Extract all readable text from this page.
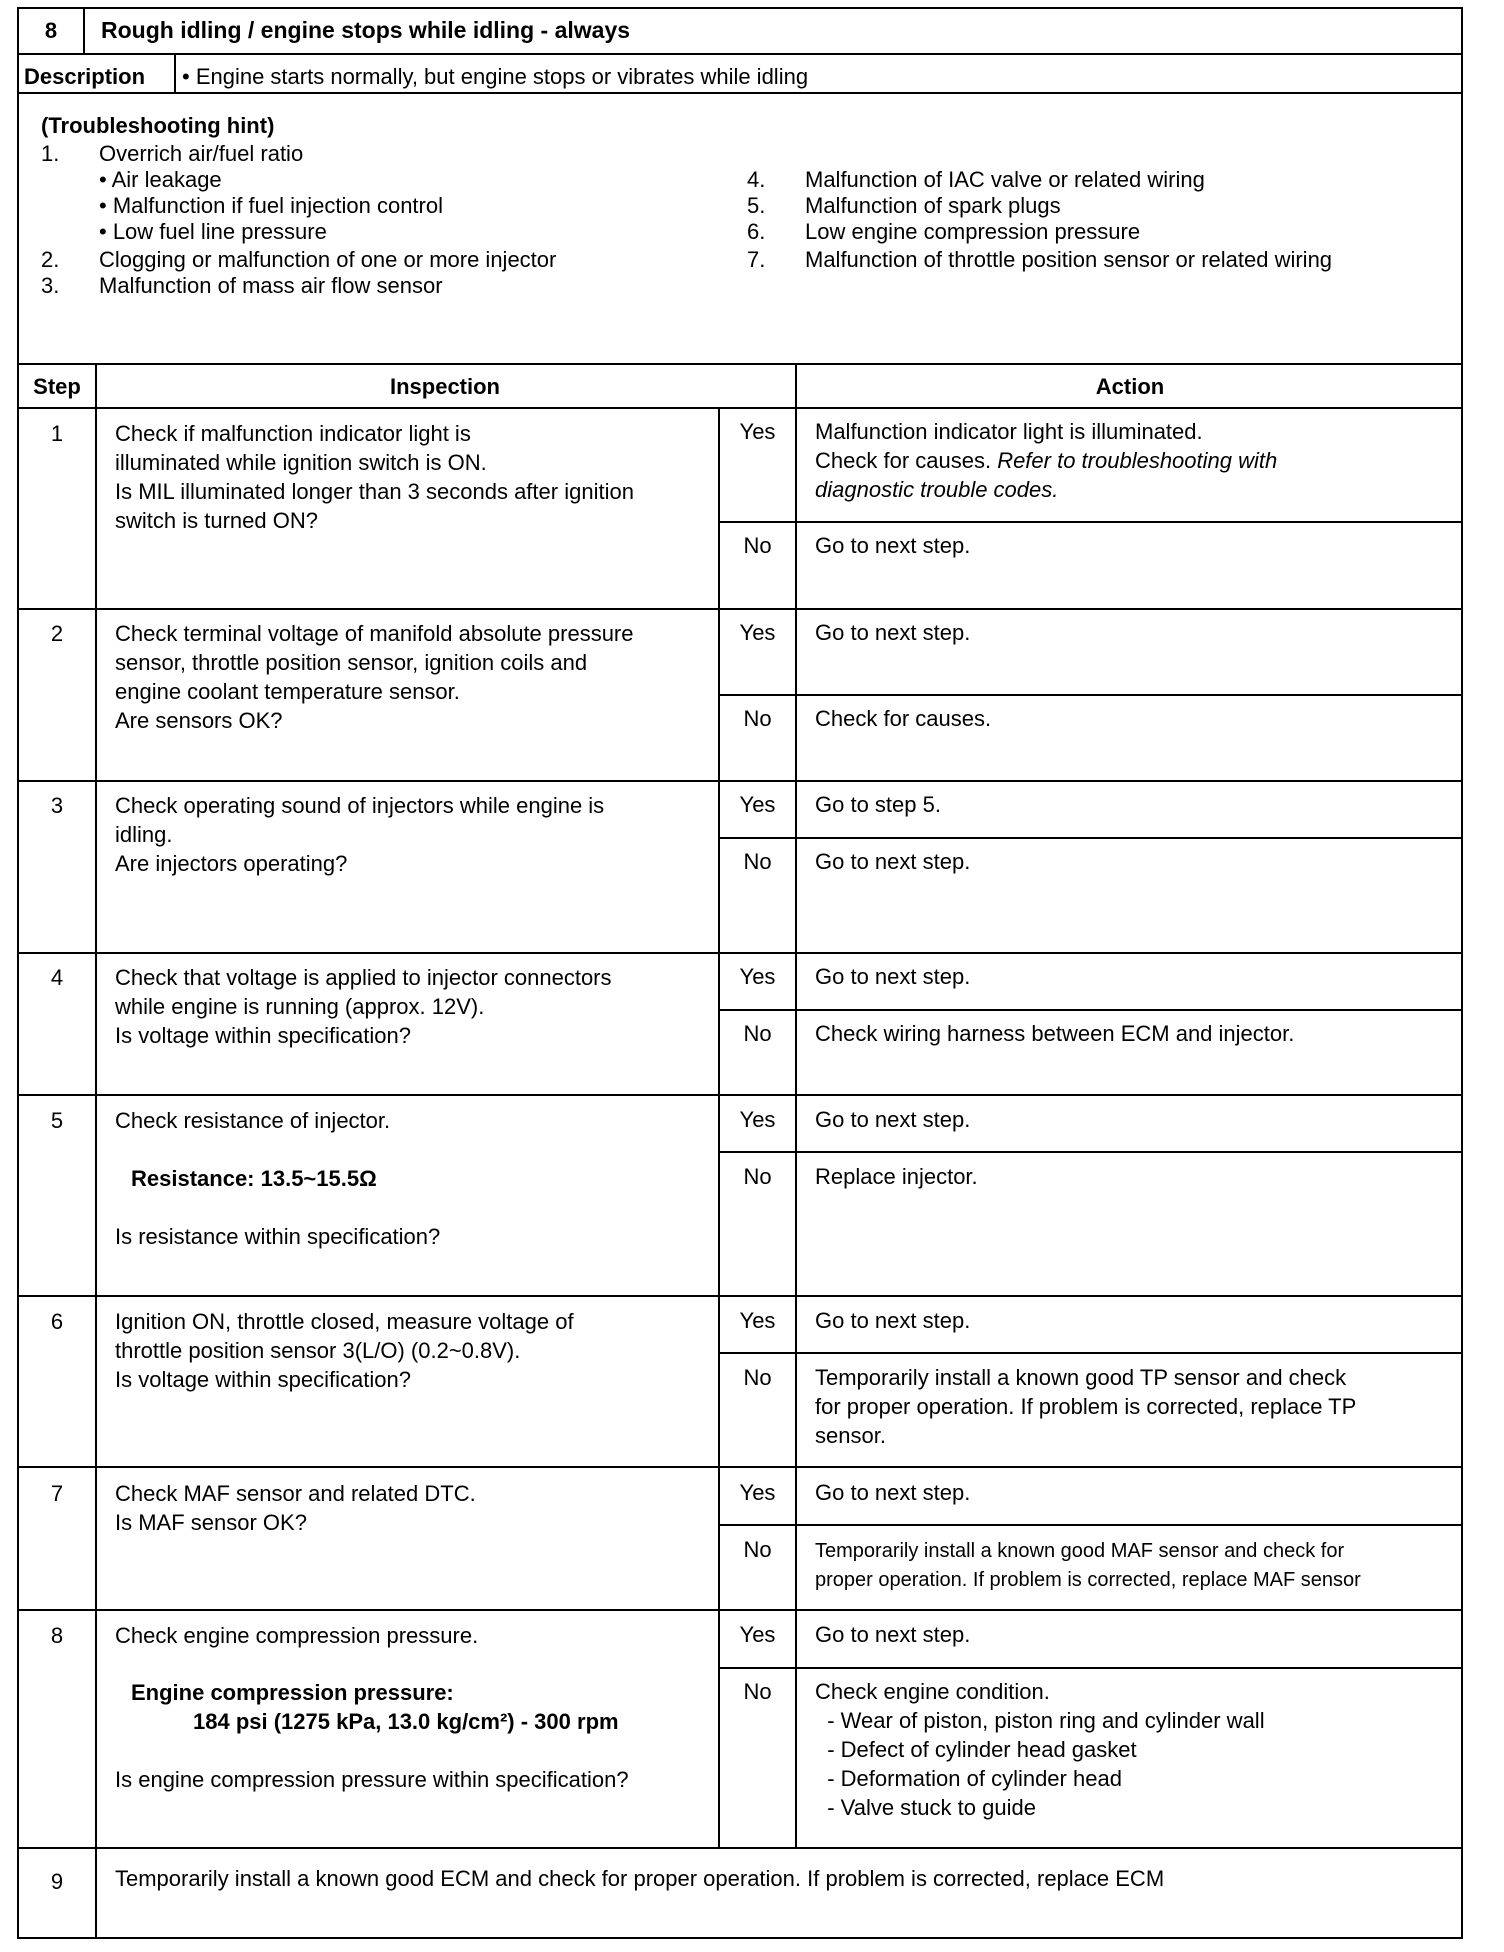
8	Rough idling / engine stops while idling - always
Description • Engine starts normally, but engine stops or vibrates while idling
(Troubleshooting hint)
1. Overrich air/fuel ratio
• Air leakage
• Malfunction if fuel injection control
• Low fuel line pressure
2. Clogging or malfunction of one or more injector
3. Malfunction of mass air flow sensor
4. Malfunction of IAC valve or related wiring
5. Malfunction of spark plugs
6. Low engine compression pressure
7. Malfunction of throttle position sensor or related wiring
Step	Inspection	Action
1	Check if malfunction indicator light is
illuminated while ignition switch is ON.
Is MIL illuminated longer than 3 seconds after ignition
switch is turned ON?
Yes	Malfunction indicator light is illuminated.
Check for causes. Refer to troubleshooting with
diagnostic trouble codes.
No	Go to next step.
2	Check terminal voltage of manifold absolute pressure
sensor, throttle position sensor, ignition coils and
engine coolant temperature sensor.
Are sensors OK?
Yes	Go to next step.
No	Check for causes.
3	Check operating sound of injectors while engine is
idling.
Are injectors operating?
Yes	Go to step 5.
No	Go to next step.
4	Check that voltage is applied to injector connectors
while engine is running (approx. 12V).
Is voltage within specification?
Yes	Go to next step.
No	Check wiring harness between ECM and injector.
5	Check resistance of injector.
Resistance: 13.5~15.5Ω
Is resistance within specification?
Yes	Go to next step.
No	Replace injector.
6	Ignition ON, throttle closed, measure voltage of
throttle position sensor 3(L/O) (0.2~0.8V).
Is voltage within specification?
Yes	Go to next step.
No	Temporarily install a known good TP sensor and check
for proper operation. If problem is corrected, replace TP
sensor.
7	Check MAF sensor and related DTC.
Is MAF sensor OK?
Yes	Go to next step.
No	Temporarily install a known good MAF sensor and check for
proper operation. If problem is corrected, replace MAF sensor
8	Check engine compression pressure.
Engine compression pressure:
184 psi (1275 kPa, 13.0 kg/cm²) - 300 rpm
Is engine compression pressure within specification?
Yes	Go to next step.
No	Check engine condition.
- Wear of piston, piston ring and cylinder wall
- Defect of cylinder head gasket
- Deformation of cylinder head
- Valve stuck to guide
9	Temporarily install a known good ECM and check for proper operation. If problem is corrected, replace ECM
